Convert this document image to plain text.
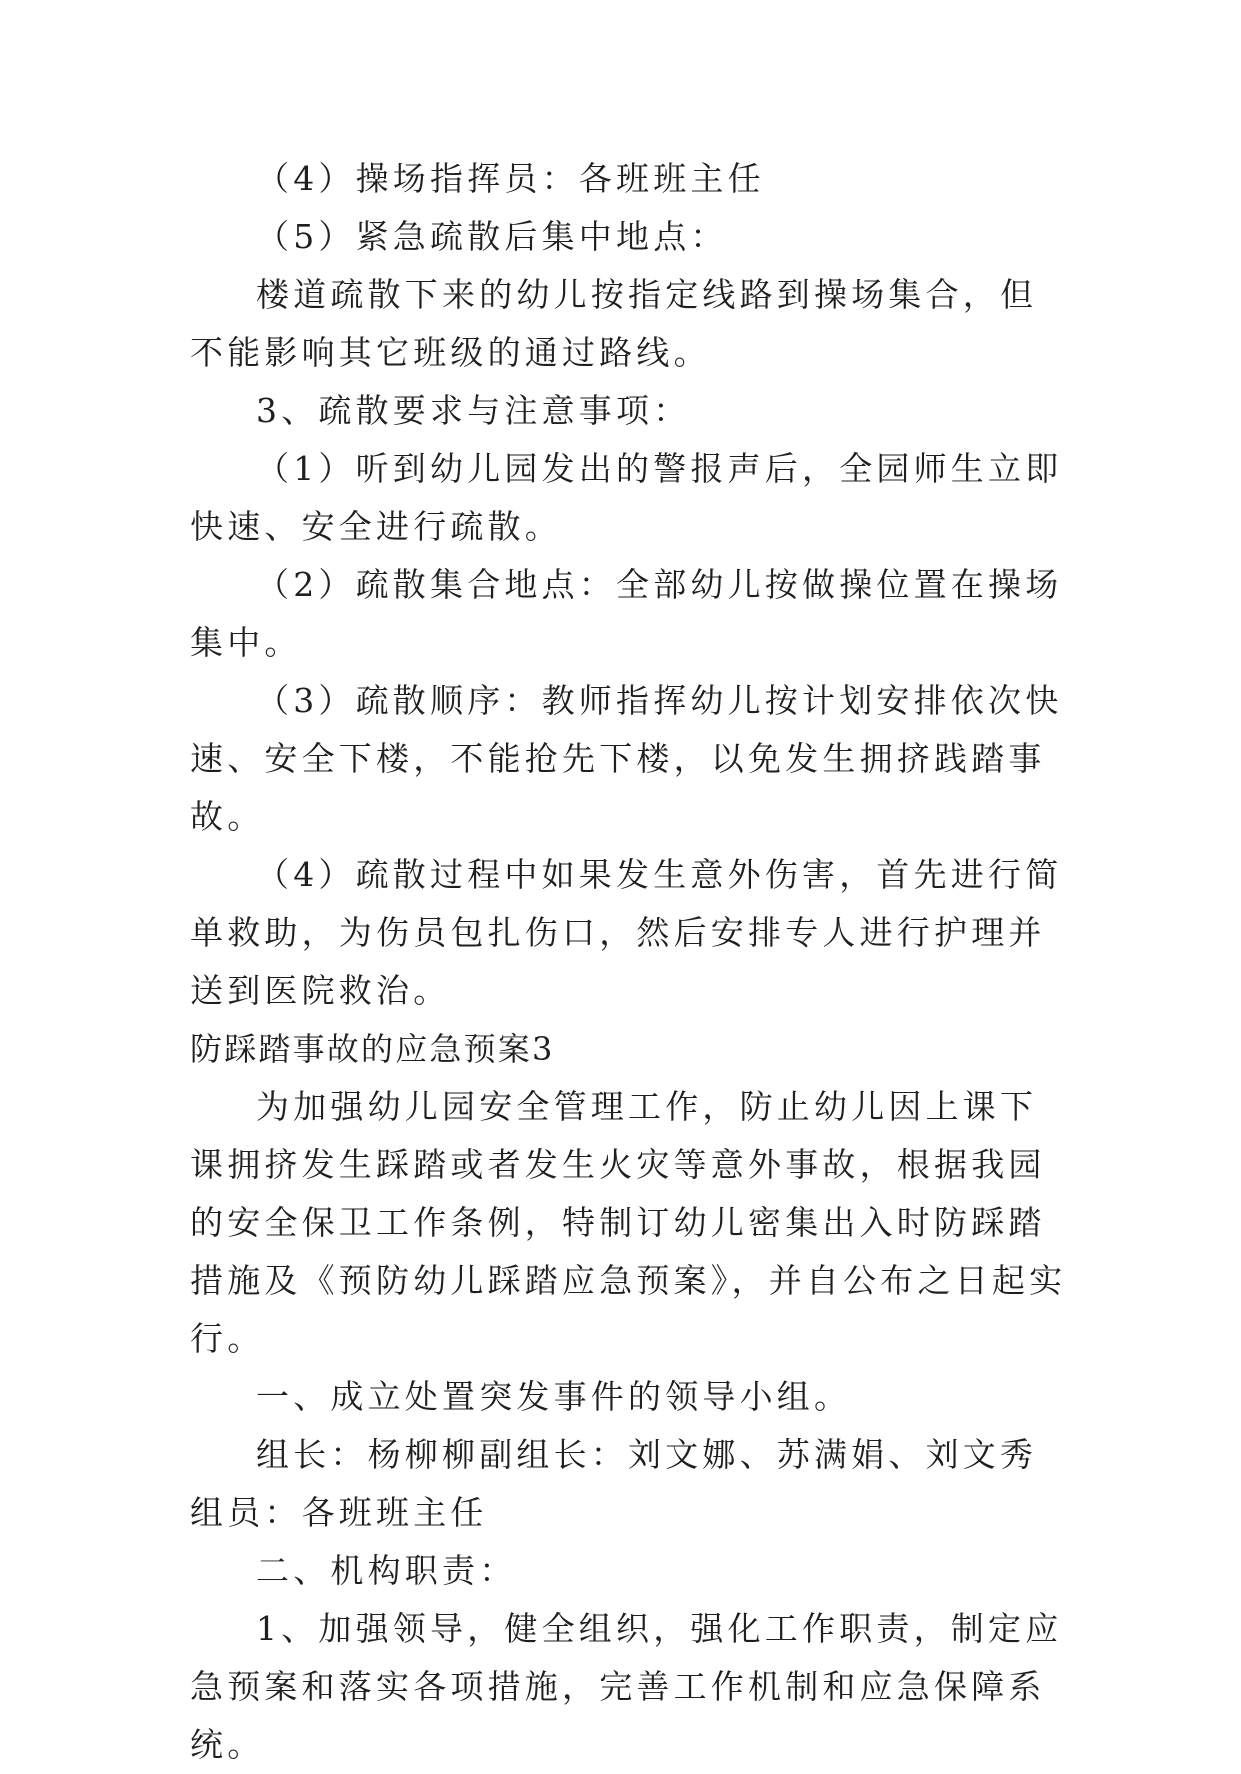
（4）操场指挥员：各班班主任

（5）紧急疏散后集中地点：

楼道疏散下来的幼儿按指定线路到操场集合，但不能影响其它班级的通过路线。

3、疏散要求与注意事项：

（1）听到幼儿园发出的警报声后，全园师生立即快速、安全进行疏散。

（2）疏散集合地点：全部幼儿按做操位置在操场集中。

（3）疏散顺序：教师指挥幼儿按计划安排依次快速、安全下楼，不能抢先下楼，以免发生拥挤践踏事故。

（4）疏散过程中如果发生意外伤害，首先进行简单救助，为伤员包扎伤口，然后安排专人进行护理并送到医院救治。

防踩踏事故的应急预案3

为加强幼儿园安全管理工作，防止幼儿因上课下课拥挤发生踩踏或者发生火灾等意外事故，根据我园的安全保卫工作条例，特制订幼儿密集出入时防踩踏措施及《预防幼儿踩踏应急预案》，并自公布之日起实行。

一、成立处置突发事件的领导小组。

组长：杨柳柳副组长：刘文娜、苏满娟、刘文秀组员：各班班主任

二、机构职责：

1、加强领导，健全组织，强化工作职责，制定应急预案和落实各项措施，完善工作机制和应急保障系统。
